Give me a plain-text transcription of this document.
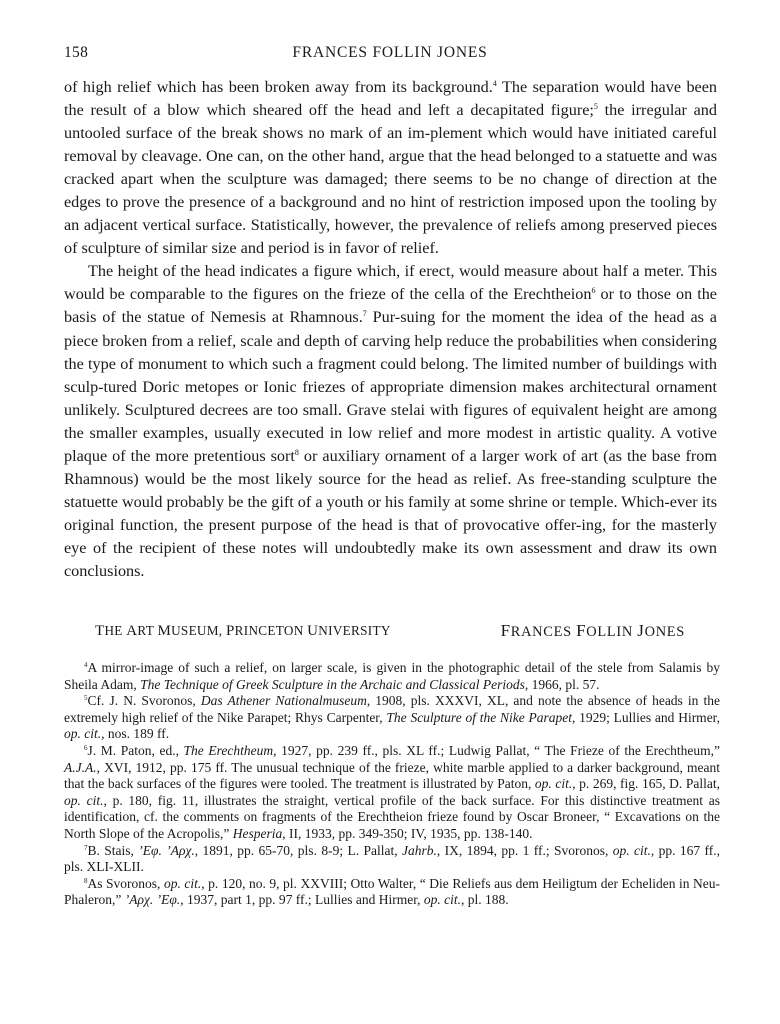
158	FRANCES FOLLIN JONES

of high relief which has been broken away from its background.$^4$ The separation would have been the result of a blow which sheared off the head and left a decapitated figure;$^5$ the irregular and untooled surface of the break shows no mark of an im-plement which would have initiated careful removal by cleavage. One can, on the other hand, argue that the head belonged to a statuette and was cracked apart when the sculpture was damaged; there seems to be no change of direction at the edges to prove the presence of a background and no hint of restriction imposed upon the tooling by an adjacent vertical surface. Statistically, however, the prevalence of reliefs among preserved pieces of sculpture of similar size and period is in favor of relief.

The height of the head indicates a figure which, if erect, would measure about half a meter. This would be comparable to the figures on the frieze of the cella of the Erechtheion$^6$ or to those on the basis of the statue of Nemesis at Rhamnous.$^7$ Pur-suing for the moment the idea of the head as a piece broken from a relief, scale and depth of carving help reduce the probabilities when considering the type of monument to which such a fragment could belong. The limited number of buildings with sculp-tured Doric metopes or Ionic friezes of appropriate dimension makes architectural ornament unlikely. Sculptured decrees are too small. Grave stelai with figures of equivalent height are among the smaller examples, usually executed in low relief and more modest in artistic quality. A votive plaque of the more pretentious sort$^8$ or auxiliary ornament of a larger work of art (as the base from Rhamnous) would be the most likely source for the head as relief. As free-standing sculpture the statuette would probably be the gift of a youth or his family at some shrine or temple. Which-ever its original function, the present purpose of the head is that of provocative offer-ing, for the masterly eye of the recipient of these notes will undoubtedly make its own assessment and draw its own conclusions.

THE ART MUSEUM, PRINCETON UNIVERSITY	FRANCES FOLLIN JONES

$^4$A mirror-image of such a relief, on larger scale, is given in the photographic detail of the stele from Salamis by Sheila Adam, The Technique of Greek Sculpture in the Archaic and Classical Periods, 1966, pl. 57.

$^5$Cf. J. N. Svoronos, Das Athener Nationalmuseum, 1908, pls. XXXVI, XL, and note the absence of heads in the extremely high relief of the Nike Parapet; Rhys Carpenter, The Sculpture of the Nike Parapet, 1929; Lullies and Hirmer, op. cit., nos. 189 ff.

$^6$J. M. Paton, ed., The Erechtheum, 1927, pp. 239 ff., pls. XL ff.; Ludwig Pallat, “ The Frieze of the Erechtheum,” A.J.A., XVI, 1912, pp. 175 ff. The unusual technique of the frieze, white marble applied to a darker background, meant that the back surfaces of the figures were tooled. The treatment is illustrated by Paton, op. cit., p. 269, fig. 165, D. Pallat, op. cit., p. 180, fig. 11, illustrates the straight, vertical profile of the back surface. For this distinctive treatment as identification, cf. the comments on fragments of the Erechtheion frieze found by Oscar Broneer, “ Excavations on the North Slope of the Acropolis,” Hesperia, II, 1933, pp. 349-350; IV, 1935, pp. 138-140.

$^7$B. Stais, ’Eφ. ’Aρχ., 1891, pp. 65-70, pls. 8-9; L. Pallat, Jahrb., IX, 1894, pp. 1 ff.; Svoronos, op. cit., pp. 167 ff., pls. XLI-XLII.

$^8$As Svoronos, op. cit., p. 120, no. 9, pl. XXVIII; Otto Walter, “ Die Reliefs aus dem Heiligtum der Echeliden in Neu-Phaleron,” ’Aρχ. ’Eφ., 1937, part 1, pp. 97 ff.; Lullies and Hirmer, op. cit., pl. 188.
